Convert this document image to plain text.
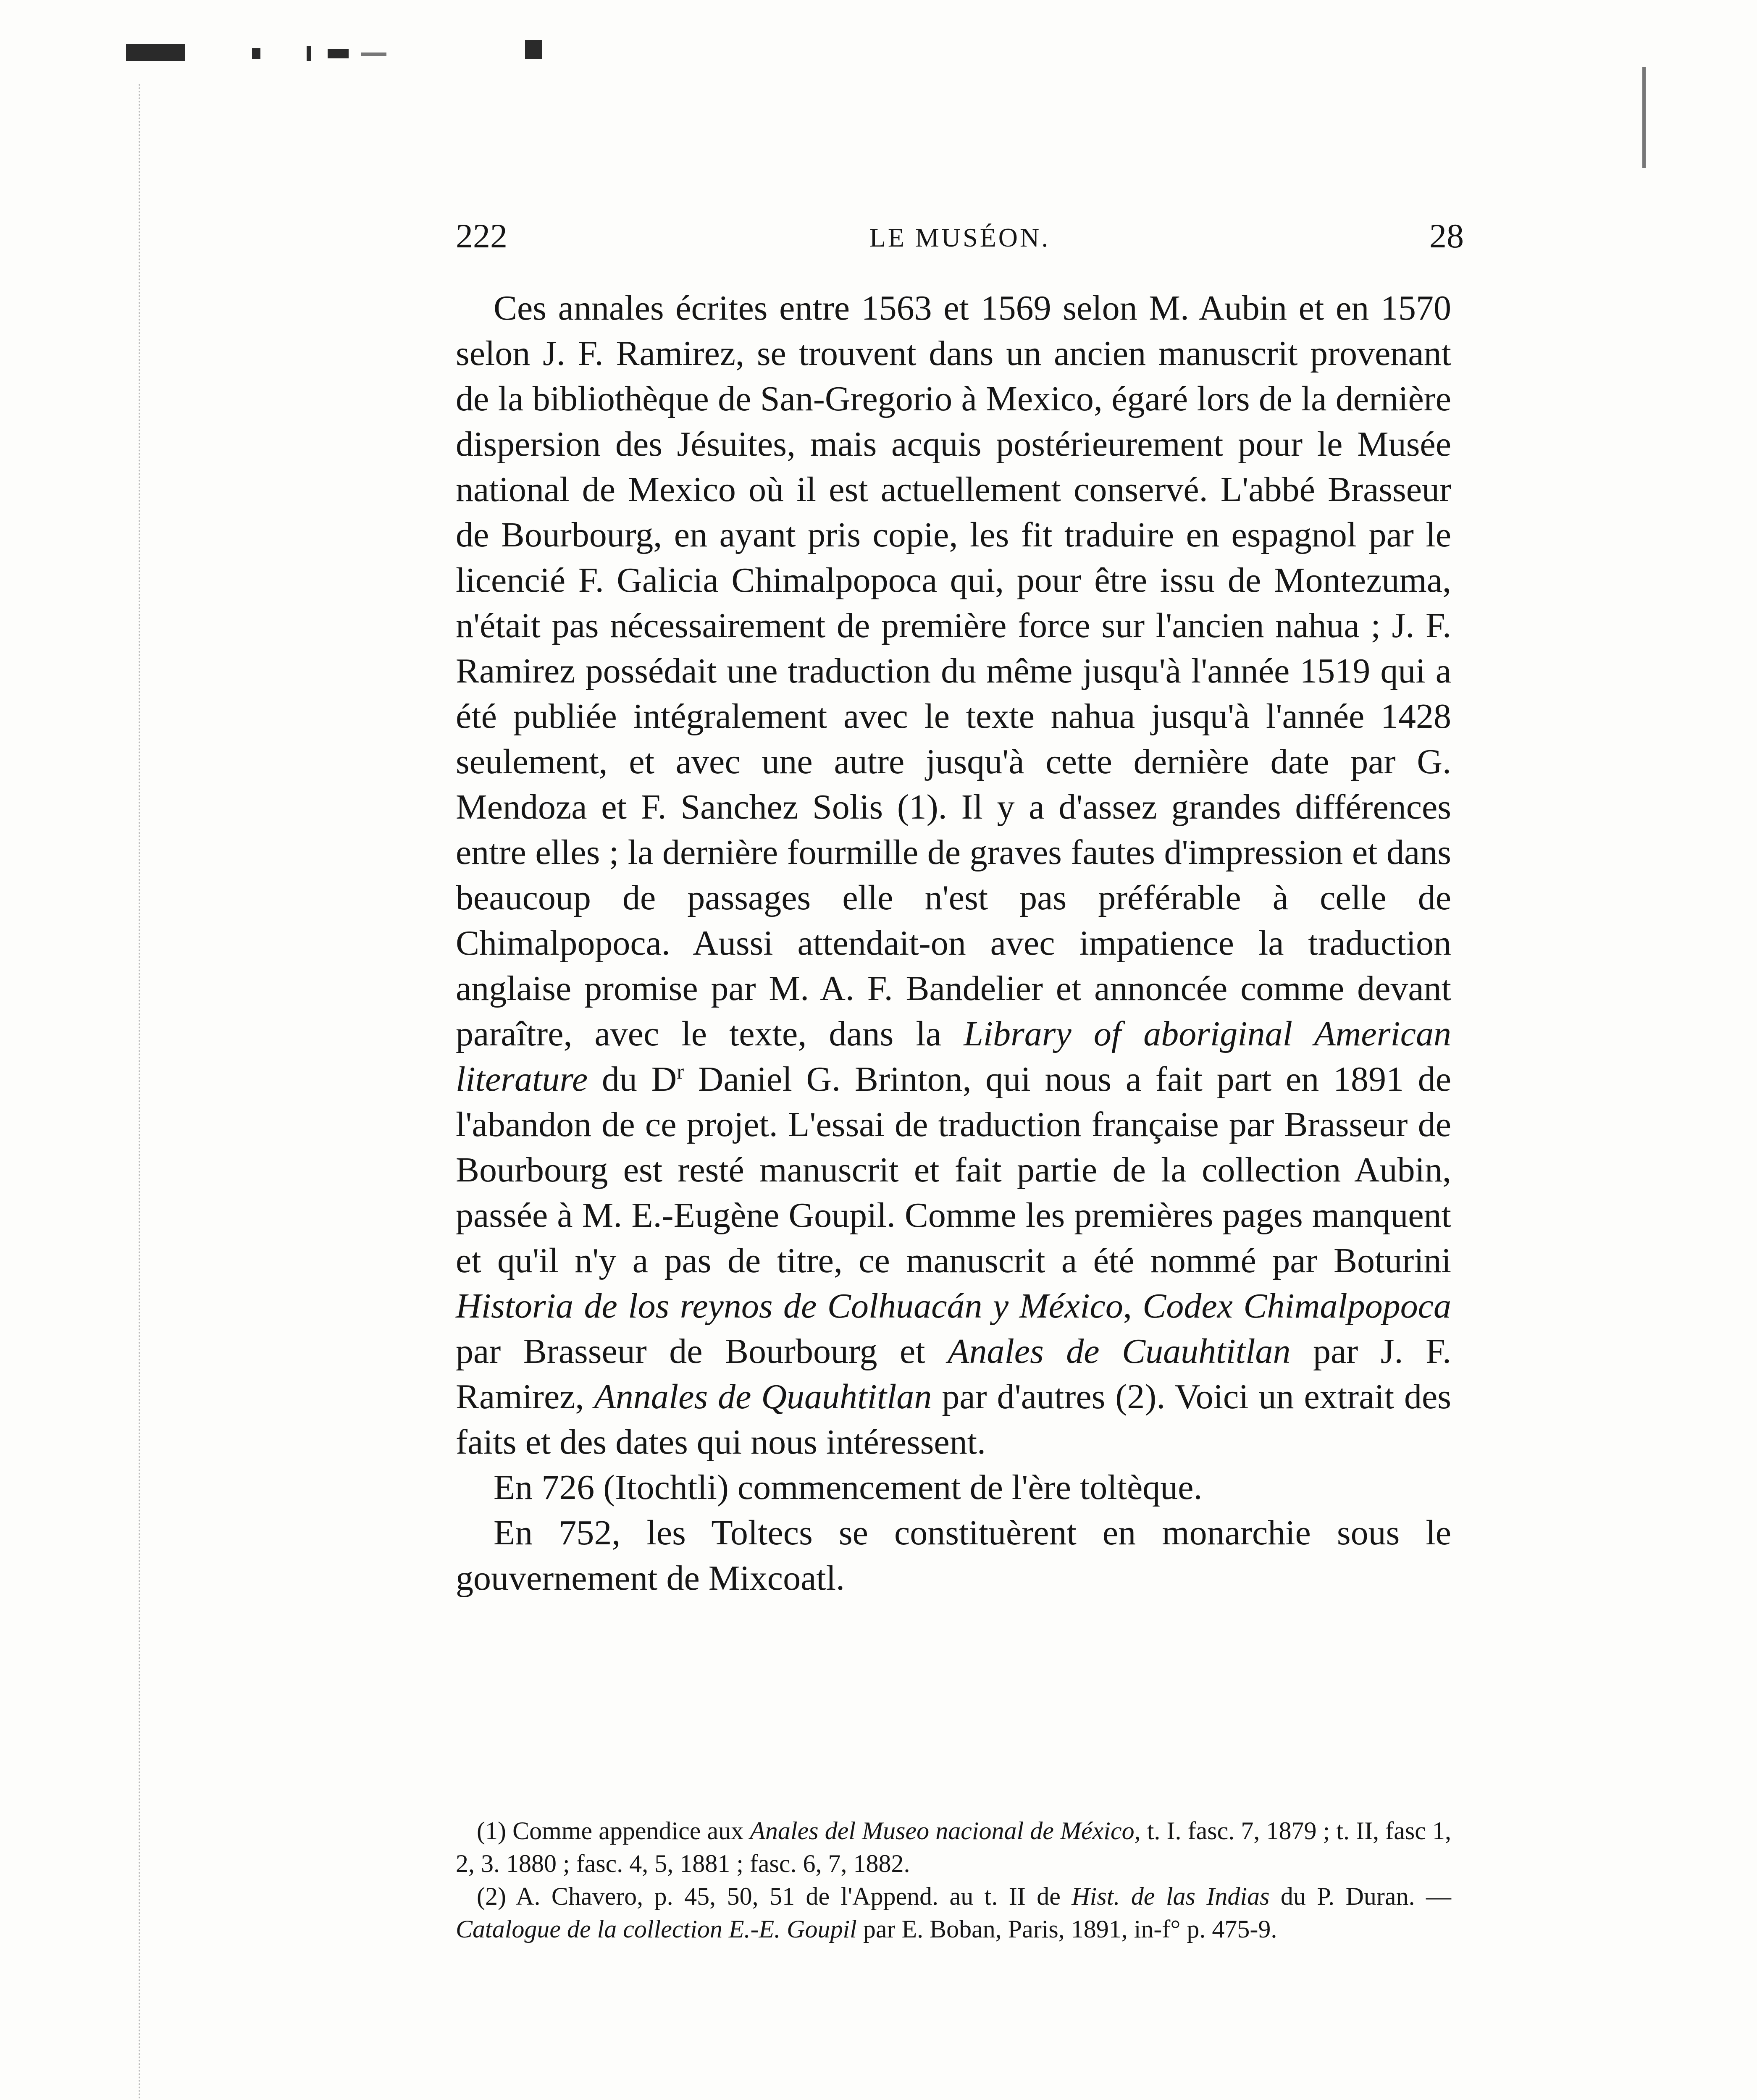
222	LE MUSÉON.	28

Ces annales écrites entre 1563 et 1569 selon M. Aubin et en 1570 selon J. F. Ramirez, se trouvent dans un ancien manuscrit provenant de la bibliothèque de San-Gregorio à Mexico, égaré lors de la dernière dispersion des Jésuites, mais acquis postérieurement pour le Musée national de Mexico où il est actuellement conservé. L'abbé Brasseur de Bourbourg, en ayant pris copie, les fit traduire en espagnol par le licencié F. Galicia Chimalpopoca qui, pour être issu de Montezuma, n'était pas nécessairement de première force sur l'ancien nahua ; J. F. Ramirez possédait une traduction du même jusqu'à l'année 1519 qui a été publiée intégralement avec le texte nahua jusqu'à l'année 1428 seulement, et avec une autre jusqu'à cette dernière date par G. Mendoza et F. Sanchez Solis (1). Il y a d'assez grandes différences entre elles ; la dernière fourmille de graves fautes d'impression et dans beaucoup de passages elle n'est pas préférable à celle de Chimalpopoca. Aussi attendait-on avec impatience la traduction anglaise promise par M. A. F. Bandelier et annoncée comme devant paraître, avec le texte, dans la Library of aboriginal American literature du $D^r$ Daniel G. Brinton, qui nous a fait part en 1891 de l'abandon de ce projet. L'essai de traduction française par Brasseur de Bourbourg est resté manuscrit et fait partie de la collection Aubin, passée à M. E.-Eugène Goupil. Comme les premières pages manquent et qu'il n'y a pas de titre, ce manuscrit a été nommé par Boturini Historia de los reynos de Colhuacán y México, Codex Chimalpopoca par Brasseur de Bourbourg et Anales de Cuauhtitlan par J. F. Ramirez, Annales de Quauhtitlan par d'autres (2). Voici un extrait des faits et des dates qui nous intéressent.

En 726 (Itochtli) commencement de l'ère toltèque.

En 752, les Toltecs se constituèrent en monarchie sous le gouvernement de Mixcoatl.

(1) Comme appendice aux Anales del Museo nacional de México, t. I. fasc. 7, 1879 ; t. II, fasc 1, 2, 3. 1880 ; fasc. 4, 5, 1881 ; fasc. 6, 7, 1882.

(2) A. Chavero, p. 45, 50, 51 de l'Append. au t. II de Hist. de las Indias du P. Duran. — Catalogue de la collection E.-E. Goupil par E. Boban, Paris, 1891, in-f° p. 475-9.
